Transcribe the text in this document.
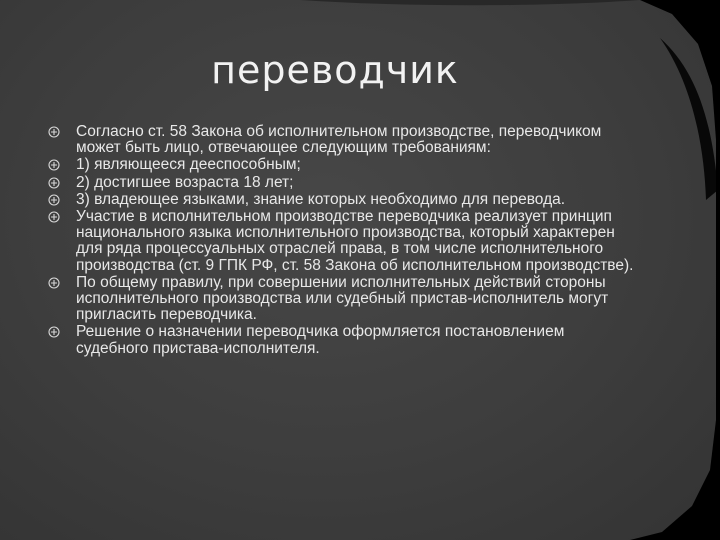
переводчик
Согласно ст. 58 Закона об исполнительном производстве, переводчиком может быть лицо, отвечающее следующим требованиям:
1) являющееся дееспособным;
2) достигшее возраста 18 лет;
3) владеющее языками, знание которых необходимо для перевода.
Участие в исполнительном производстве переводчика реализует принцип национального языка исполнительного производства, который характерен для ряда процессуальных отраслей права, в том числе исполнительного производства (ст. 9 ГПК РФ, ст. 58 Закона об исполнительном производстве).
По общему правилу, при совершении исполнительных действий стороны исполнительного производства или судебный пристав-исполнитель могут пригласить переводчика.
Решение о назначении переводчика оформляется постановлением судебного пристава-исполнителя.
